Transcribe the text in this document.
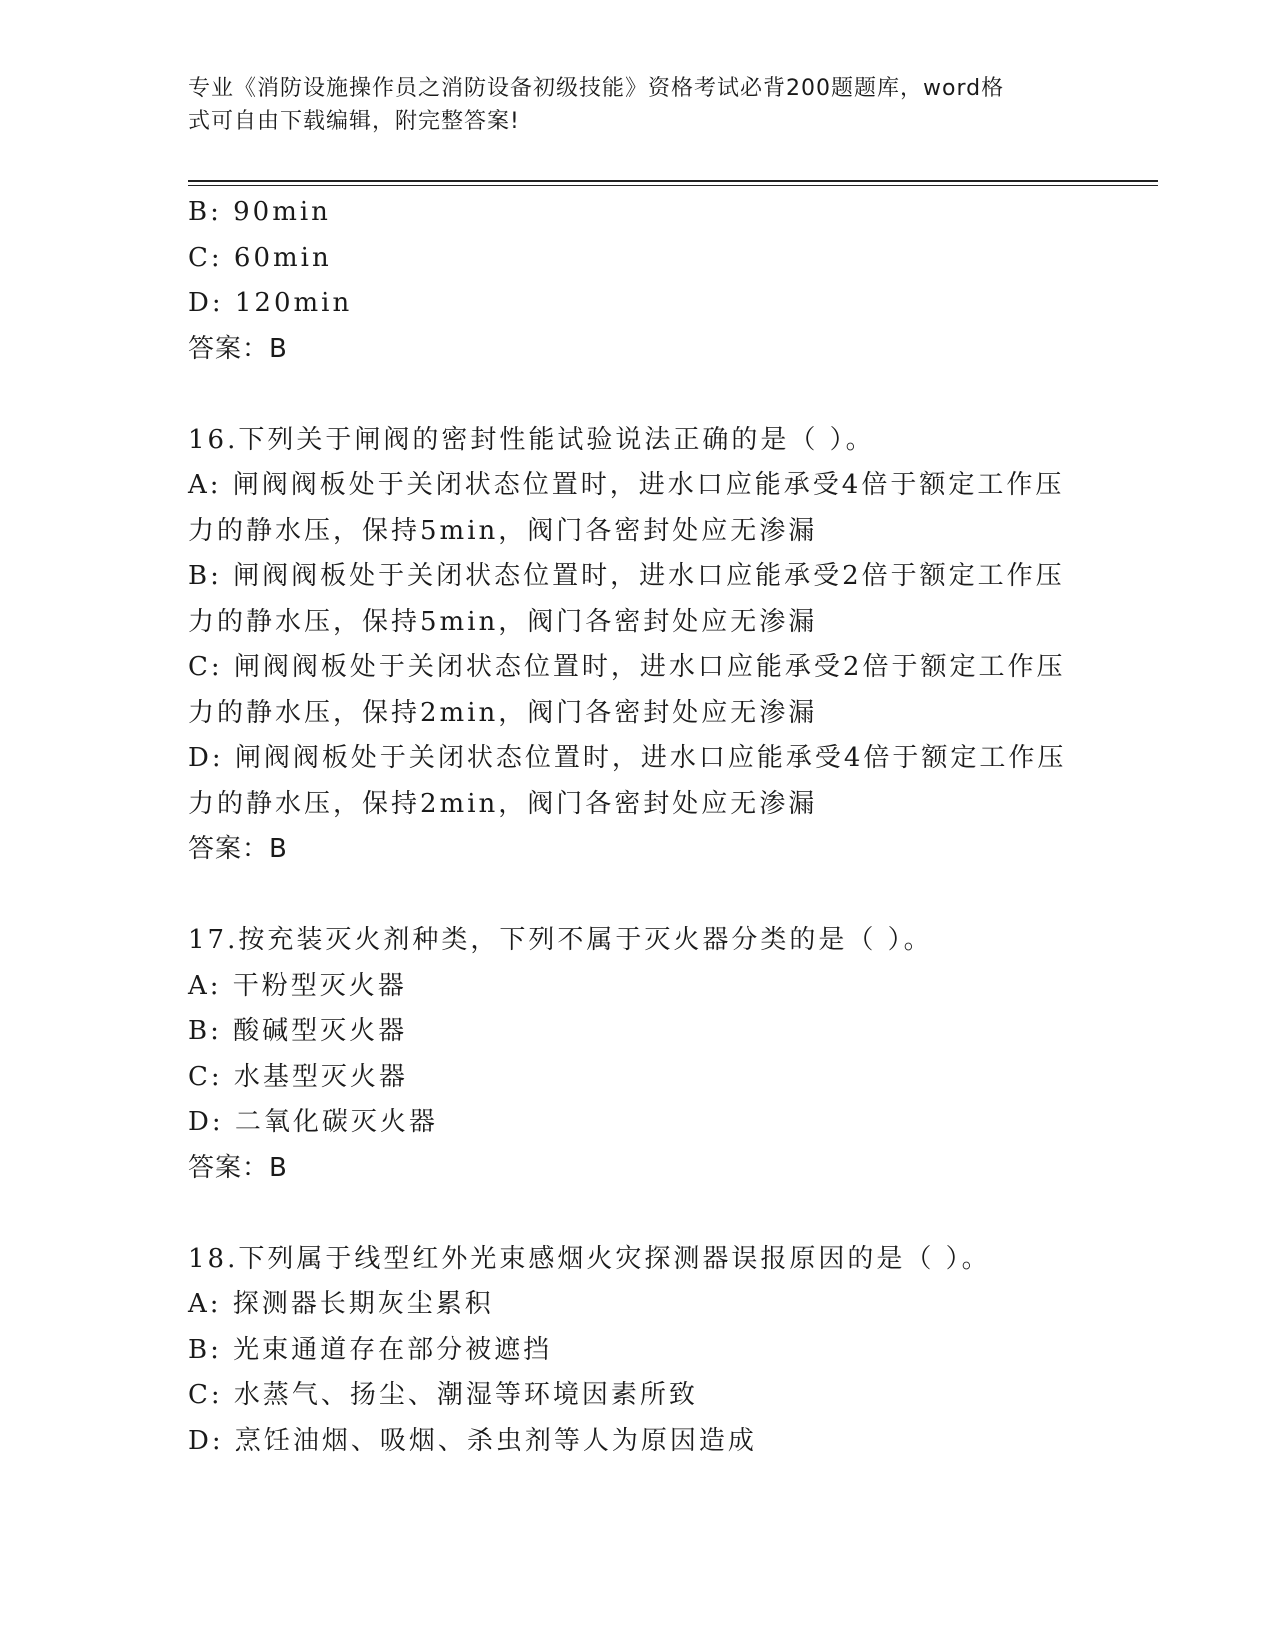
专业《消防设施操作员之消防设备初级技能》资格考试必背200题题库，word格
式可自由下载编辑，附完整答案!
B: 90min
C: 60min
D: 120min
答案：B
16.下列关于闸阀的密封性能试验说法正确的是（ ）。
A: 闸阀阀板处于关闭状态位置时，进水口应能承受4倍于额定工作压
力的静水压，保持5min，阀门各密封处应无渗漏
B: 闸阀阀板处于关闭状态位置时，进水口应能承受2倍于额定工作压
力的静水压，保持5min，阀门各密封处应无渗漏
C: 闸阀阀板处于关闭状态位置时，进水口应能承受2倍于额定工作压
力的静水压，保持2min，阀门各密封处应无渗漏
D: 闸阀阀板处于关闭状态位置时，进水口应能承受4倍于额定工作压
力的静水压，保持2min，阀门各密封处应无渗漏
答案：B
17.按充装灭火剂种类，下列不属于灭火器分类的是（ ）。
A: 干粉型灭火器
B: 酸碱型灭火器
C: 水基型灭火器
D: 二氧化碳灭火器
答案：B
18.下列属于线型红外光束感烟火灾探测器误报原因的是（ ）。
A: 探测器长期灰尘累积
B: 光束通道存在部分被遮挡
C: 水蒸气、扬尘、潮湿等环境因素所致
D: 烹饪油烟、吸烟、杀虫剂等人为原因造成
